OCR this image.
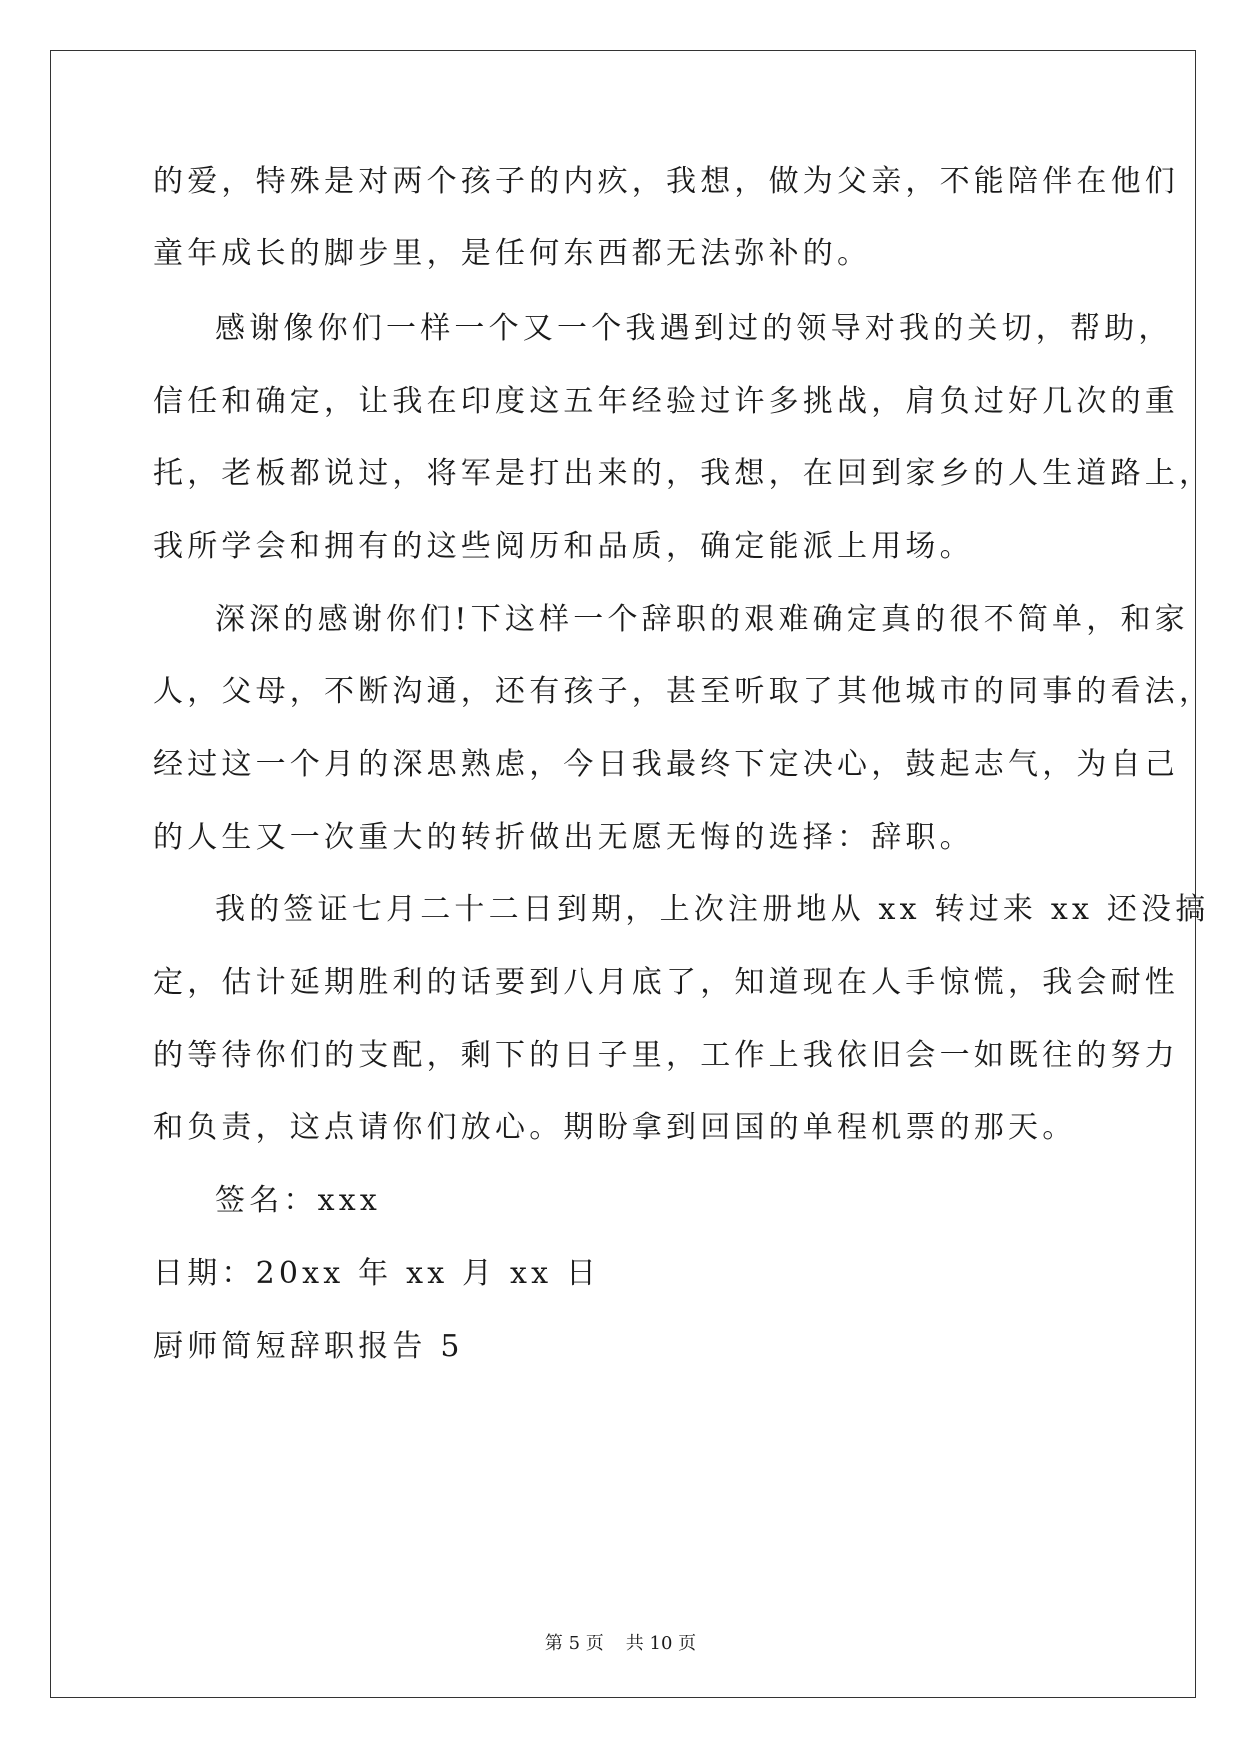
的爱，特殊是对两个孩子的内疚，我想，做为父亲，不能陪伴在他们
童年成长的脚步里，是任何东西都无法弥补的。
感谢像你们一样一个又一个我遇到过的领导对我的关切，帮助，
信任和确定，让我在印度这五年经验过许多挑战，肩负过好几次的重
托，老板都说过，将军是打出来的，我想，在回到家乡的人生道路上，
我所学会和拥有的这些阅历和品质，确定能派上用场。
深深的感谢你们!下这样一个辞职的艰难确定真的很不简单，和家
人，父母，不断沟通，还有孩子，甚至听取了其他城市的同事的看法，
经过这一个月的深思熟虑，今日我最终下定决心，鼓起志气，为自己
的人生又一次重大的转折做出无愿无悔的选择：辞职。
我的签证七月二十二日到期，上次注册地从 xx 转过来 xx 还没搞
定，估计延期胜利的话要到八月底了，知道现在人手惊慌，我会耐性
的等待你们的支配，剩下的日子里，工作上我依旧会一如既往的努力
和负责，这点请你们放心。期盼拿到回国的单程机票的那天。
签名：xxx
日期：20xx 年 xx 月 xx 日
厨师简短辞职报告 5
第 5 页 共 10 页
